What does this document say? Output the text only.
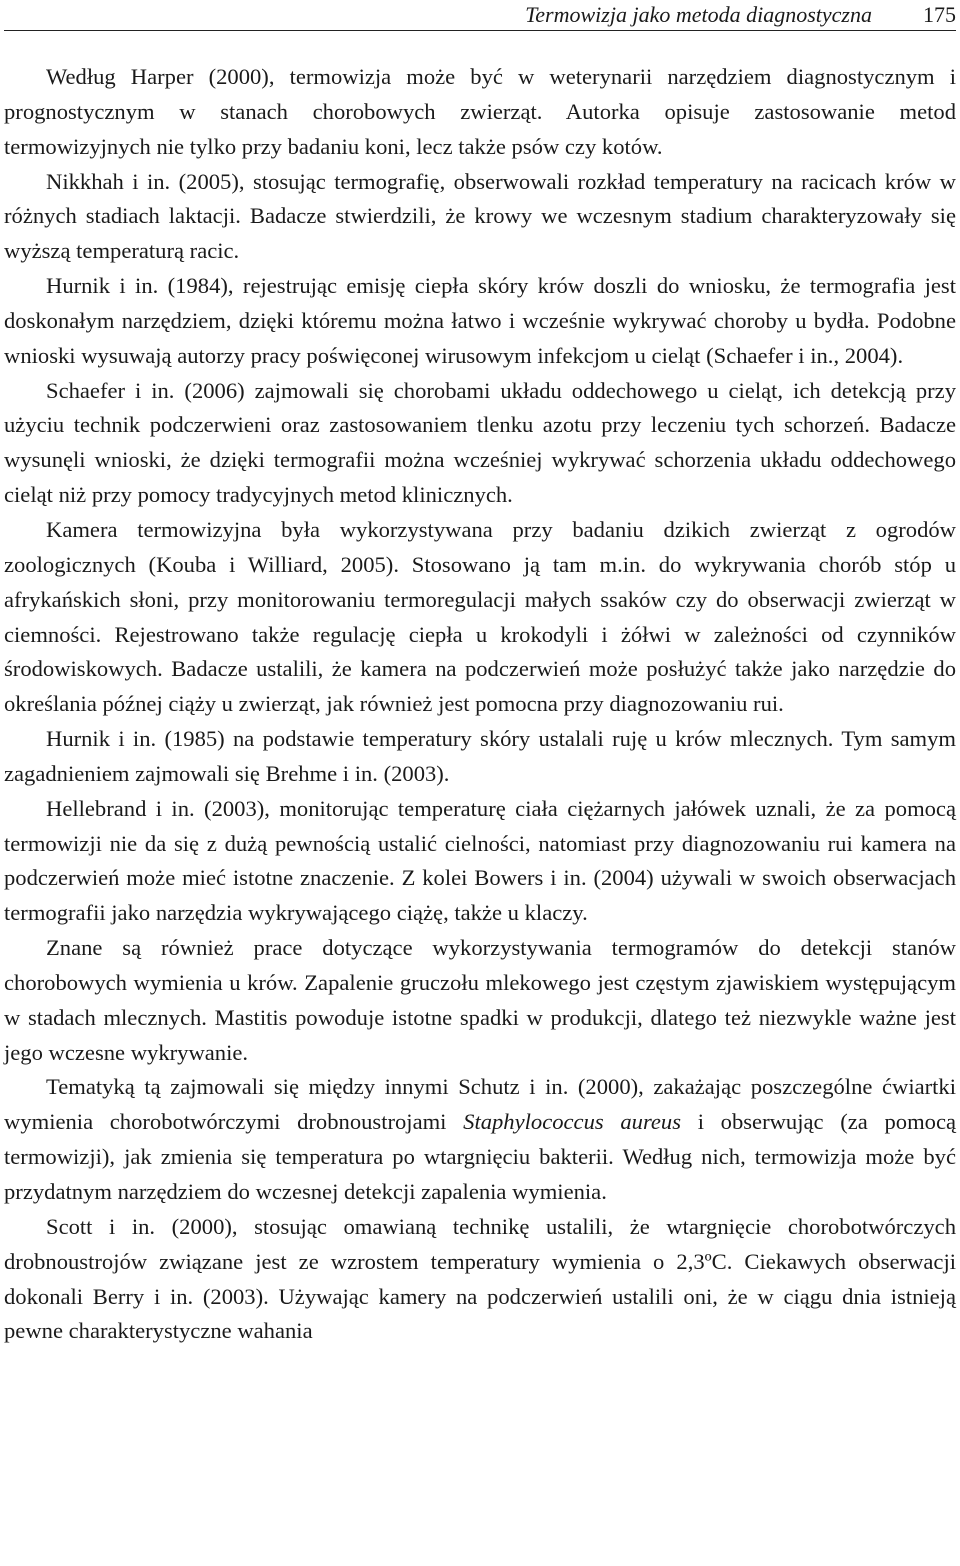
Termowizja jako metoda diagnostyczna 175

Według Harper (2000), termowizja może być w weterynarii narzędziem diagnostycznym i prognostycznym w stanach chorobowych zwierząt. Autorka opisuje zastosowanie metod termowizyjnych nie tylko przy badaniu koni, lecz także psów czy kotów.

Nikkhah i in. (2005), stosując termografię, obserwowali rozkład temperatury na racicach krów w różnych stadiach laktacji. Badacze stwierdzili, że krowy we wczesnym stadium charakteryzowały się wyższą temperaturą racic.

Hurnik i in. (1984), rejestrując emisję ciepła skóry krów doszli do wniosku, że termografia jest doskonałym narzędziem, dzięki któremu można łatwo i wcześnie wykrywać choroby u bydła. Podobne wnioski wysuwają autorzy pracy poświęconej wirusowym infekcjom u cieląt (Schaefer i in., 2004).

Schaefer i in. (2006) zajmowali się chorobami układu oddechowego u cieląt, ich detekcją przy użyciu technik podczerwieni oraz zastosowaniem tlenku azotu przy leczeniu tych schorzeń. Badacze wysunęli wnioski, że dzięki termografii można wcześniej wykrywać schorzenia układu oddechowego cieląt niż przy pomocy tradycyjnych metod klinicznych.

Kamera termowizyjna była wykorzystywana przy badaniu dzikich zwierząt z ogrodów zoologicznych (Kouba i Williard, 2005). Stosowano ją tam m.in. do wykrywania chorób stóp u afrykańskich słoni, przy monitorowaniu termoregulacji małych ssaków czy do obserwacji zwierząt w ciemności. Rejestrowano także regulację ciepła u krokodyli i żółwi w zależności od czynników środowiskowych. Badacze ustalili, że kamera na podczerwień może posłużyć także jako narzędzie do określania późnej ciąży u zwierząt, jak również jest pomocna przy diagnozowaniu rui.

Hurnik i in. (1985) na podstawie temperatury skóry ustalali ruję u krów mlecznych. Tym samym zagadnieniem zajmowali się Brehme i in. (2003).

Hellebrand i in. (2003), monitorując temperaturę ciała ciężarnych jałówek uznali, że za pomocą termowizji nie da się z dużą pewnością ustalić cielności, natomiast przy diagnozowaniu rui kamera na podczerwień może mieć istotne znaczenie. Z kolei Bowers i in. (2004) używali w swoich obserwacjach termografii jako narzędzia wykrywającego ciążę, także u klaczy.

Znane są również prace dotyczące wykorzystywania termogramów do detekcji stanów chorobowych wymienia u krów. Zapalenie gruczołu mlekowego jest częstym zjawiskiem występującym w stadach mlecznych. Mastitis powoduje istotne spadki w produkcji, dlatego też niezwykle ważne jest jego wczesne wykrywanie.

Tematyką tą zajmowali się między innymi Schutz i in. (2000), zakażając poszczególne ćwiartki wymienia chorobotwórczymi drobnoustrojami Staphylococcus aureus i obserwując (za pomocą termowizji), jak zmienia się temperatura po wtargnięciu bakterii. Według nich, termowizja może być przydatnym narzędziem do wczesnej detekcji zapalenia wymienia.

Scott i in. (2000), stosując omawianą technikę ustalili, że wtargnięcie chorobotwórczych drobnoustrojów związane jest ze wzrostem temperatury wymienia o 2,3ºC. Ciekawych obserwacji dokonali Berry i in. (2003). Używając kamery na podczerwień ustalili oni, że w ciągu dnia istnieją pewne charakterystyczne wahania
